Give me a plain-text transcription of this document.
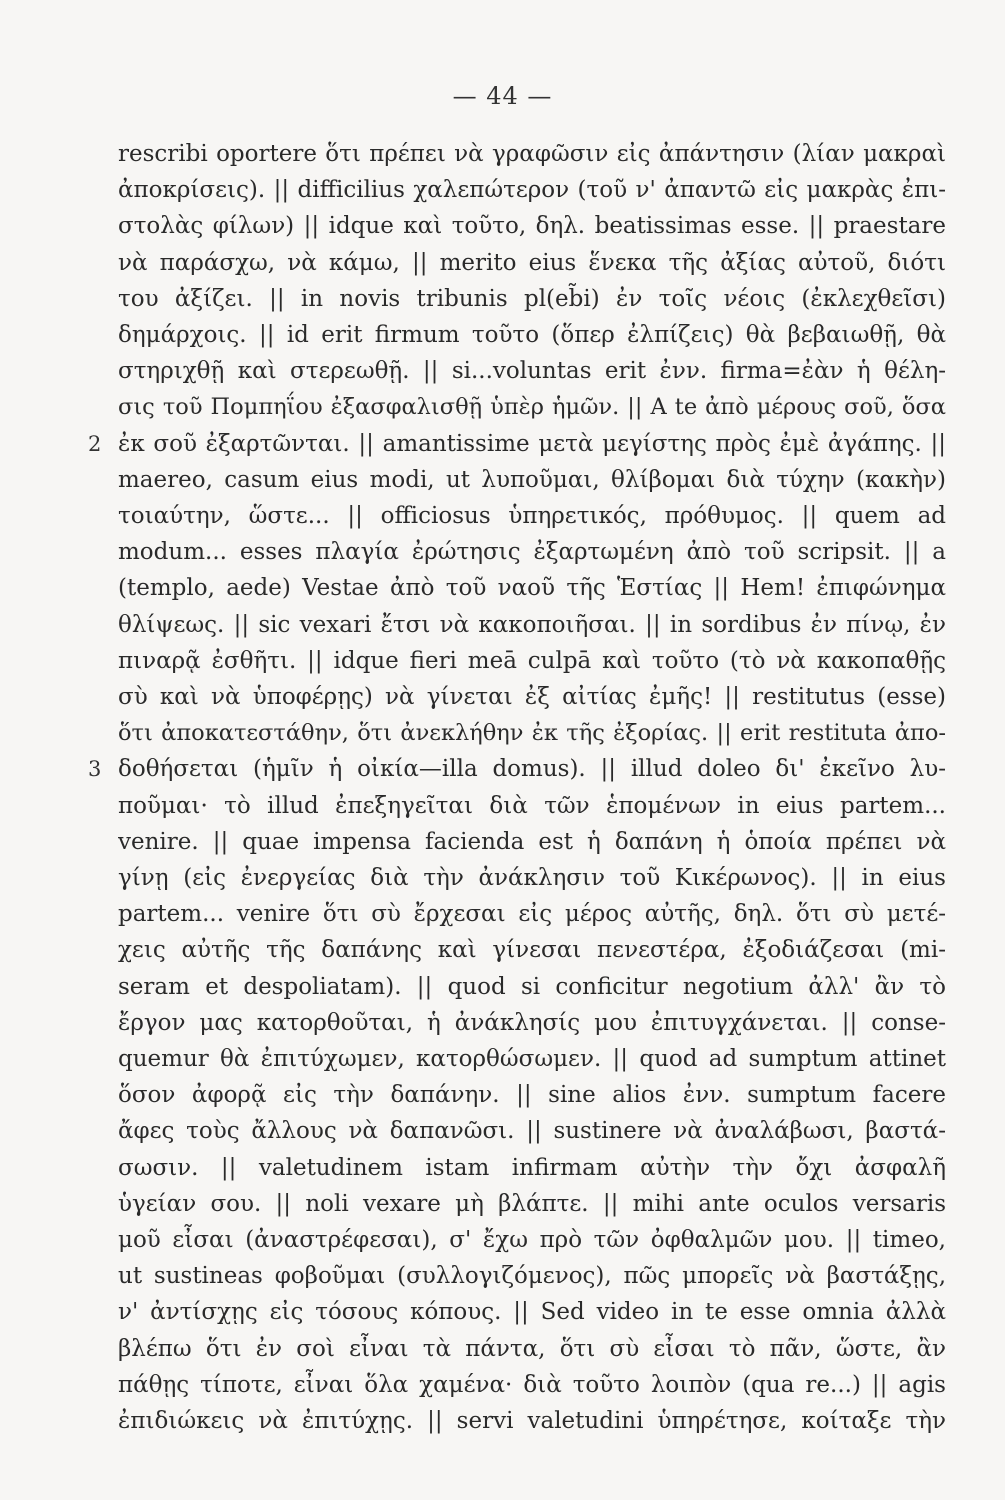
— 44 —
rescribi oportere ὅτι πρέπει νὰ γραφῶσιν εἰς ἀπάντησιν (λίαν μακραὶ
ἀποκρίσεις). || difficilius χαλεπώτερον (τοῦ ν' ἀπαντῶ εἰς μακρὰς ἐπι-
στολὰς φίλων) || idque καὶ τοῦτο, δηλ. beatissimas esse. || praestare
νὰ παράσχω, νὰ κάμω, || merito eius ἕνεκα τῆς ἀξίας αὐτοῦ, διότι
του ἀξίζει. || in novis tribunis pl(eb̃i) ἐν τοῖς νέοις (ἐκλεχθεῖσι)
δημάρχοις. || id erit firmum τοῦτο (ὅπερ ἐλπίζεις) θὰ βεβαιωθῇ, θὰ
στηριχθῇ καὶ στερεωθῇ. || si...voluntas erit ἐνν. firma=ἐὰν ἡ θέλη-
σις τοῦ Πομπηΐου ἐξασφαλισθῇ ὑπὲρ ἡμῶν. || A te ἀπὸ μέρους σοῦ, ὅσα
ἐκ σοῦ ἐξαρτῶνται. || amantissime μετὰ μεγίστης πρὸς ἐμὲ ἀγάπης. ||
maereo, casum eius modi, ut λυποῦμαι, θλίβομαι διὰ τύχην (κακὴν)
τοιαύτην, ὥστε... || officiosus ὑπηρετικός, πρόθυμος. || quem ad
modum... esses πλαγία ἐρώτησις ἐξαρτωμένη ἀπὸ τοῦ scripsit. || a
(templo, aede) Vestae ἀπὸ τοῦ ναοῦ τῆς Ἑστίας || Hem! ἐπιφώνημα
θλίψεως. || sic vexari ἔτσι νὰ κακοποιῆσαι. || in sordibus ἐν πίνῳ, ἐν
πιναρᾷ ἐσθῆτι. || idque fieri meā culpā καὶ τοῦτο (τὸ νὰ κακοπαθῇς
σὺ καὶ νὰ ὑποφέρῃς) νὰ γίνεται ἐξ αἰτίας ἐμῆς! || restitutus (esse)
ὅτι ἀποκατεστάθην, ὅτι ἀνεκλήθην ἐκ τῆς ἐξορίας. || erit restituta ἀπο-
δοθήσεται (ἡμῖν ἡ οἰκία—illa domus). || illud doleo δι' ἐκεῖνο λυ-
ποῦμαι· τὸ illud ἐπεξηγεῖται διὰ τῶν ἑπομένων in eius partem...
venire. || quae impensa facienda est ἡ δαπάνη ἡ ὁποία πρέπει νὰ
γίνῃ (εἰς ἐνεργείας διὰ τὴν ἀνάκλησιν τοῦ Κικέρωνος). || in eius
partem... venire ὅτι σὺ ἔρχεσαι εἰς μέρος αὐτῆς, δηλ. ὅτι σὺ μετέ-
χεις αὐτῆς τῆς δαπάνης καὶ γίνεσαι πενεστέρα, ἐξοδιάζεσαι (mi-
seram et despoliatam). || quod si conficitur negotium ἀλλ' ἂν τὸ
ἔργον μας κατορθοῦται, ἡ ἀνάκλησίς μου ἐπιτυγχάνεται. || conse-
quemur θὰ ἐπιτύχωμεν, κατορθώσωμεν. || quod ad sumptum attinet
ὅσον ἀφορᾷ εἰς τὴν δαπάνην. || sine alios ἐνν. sumptum facere
ἄφες τοὺς ἄλλους νὰ δαπανῶσι. || sustinere νὰ ἀναλάβωσι, βαστά-
σωσιν. || valetudinem istam infirmam αὐτὴν τὴν ὄχι ἀσφαλῆ
ὑγείαν σου. || noli vexare μὴ βλάπτε. || mihi ante oculos versaris
μοῦ εἶσαι (ἀναστρέφεσαι), σ' ἔχω πρὸ τῶν ὀφθαλμῶν μου. || timeo,
ut sustineas φοβοῦμαι (συλλογιζόμενος), πῶς μπορεῖς νὰ βαστάξῃς,
ν' ἀντίσχῃς εἰς τόσους κόπους. || Sed video in te esse omnia ἀλλὰ
βλέπω ὅτι ἐν σοὶ εἶναι τὰ πάντα, ὅτι σὺ εἶσαι τὸ πᾶν, ὥστε, ἂν
πάθῃς τίποτε, εἶναι ὅλα χαμένα· διὰ τοῦτο λοιπὸν (qua re...) || agis
ἐπιδιώκεις νὰ ἐπιτύχῃς. || servi valetudini ὑπηρέτησε, κοίταξε τὴν
2
3
